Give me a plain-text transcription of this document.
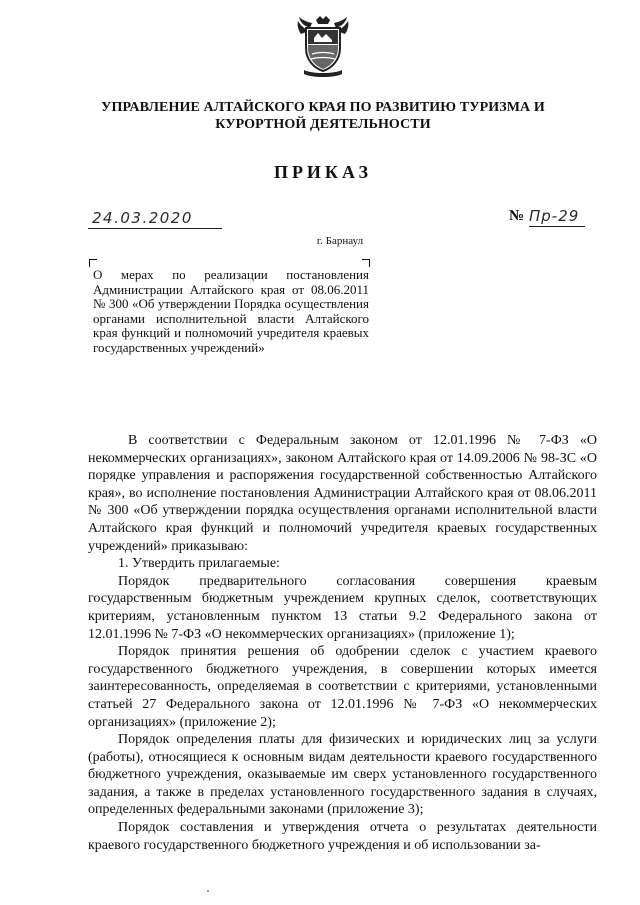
УПРАВЛЕНИЕ АЛТАЙСКОГО КРАЯ ПО РАЗВИТИЮ ТУРИЗМА И КУРОРТНОЙ ДЕЯТЕЛЬНОСТИ
ПРИКАЗ
24.03.2020	№ Пр-29
г. Барнаул
О мерах по реализации постановления Администрации Алтайского края от 08.06.2011 № 300 «Об утверждении Порядка осуществления органами исполнительной власти Алтайского края функций и полномочий учредителя краевых государственных учреждений»

В соответствии с Федеральным законом от 12.01.1996 № 7-ФЗ «О некоммерческих организациях», законом Алтайского края от 14.09.2006 № 98-ЗС «О порядке управления и распоряжения государственной собственностью Алтайского края», во исполнение постановления Администрации Алтайского края от 08.06.2011 № 300 «Об утверждении порядка осуществления органами исполнительной власти Алтайского края функций и полномочий учредителя краевых государственных учреждений» приказываю:

1. Утвердить прилагаемые:

Порядок предварительного согласования совершения краевым государственным бюджетным учреждением крупных сделок, соответствующих критериям, установленным пунктом 13 статьи 9.2 Федерального закона от 12.01.1996 № 7-ФЗ «О некоммерческих организациях» (приложение 1);

Порядок принятия решения об одобрении сделок с участием краевого государственного бюджетного учреждения, в совершении которых имеется заинтересованность, определяемая в соответствии с критериями, установленными статьей 27 Федерального закона от 12.01.1996 № 7-ФЗ «О некоммерческих организациях» (приложение 2);

Порядок определения платы для физических и юридических лиц за услуги (работы), относящиеся к основным видам деятельности краевого государственного бюджетного учреждения, оказываемые им сверх установленного государственного задания, а также в пределах установленного государственного задания в случаях, определенных федеральными законами (приложение 3);

Порядок составления и утверждения отчета о результатах деятельности краевого государственного бюджетного учреждения и об использовании за-
